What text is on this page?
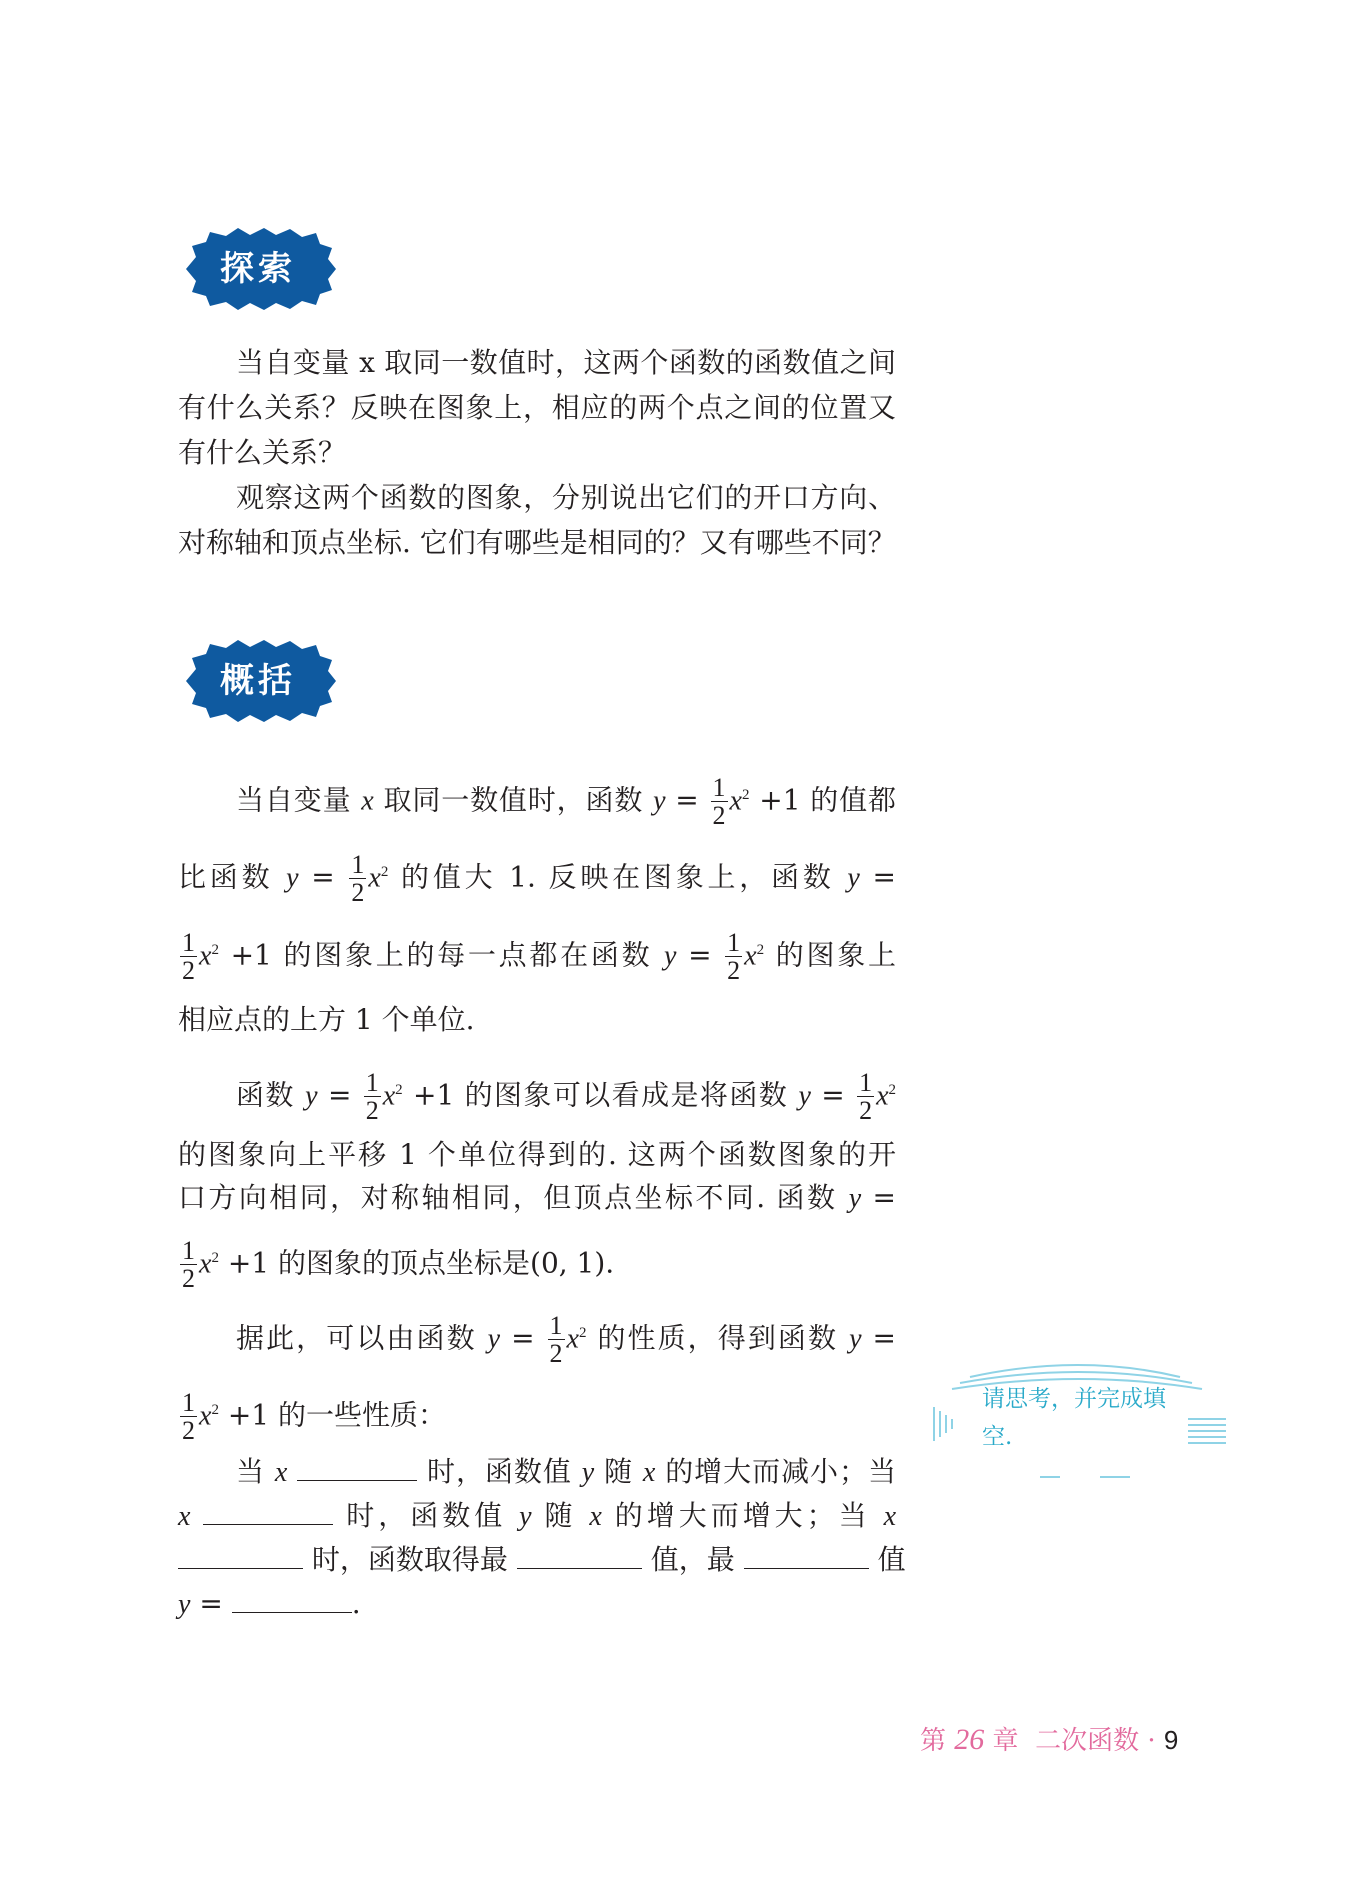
探索

当自变量 x 取同一数值时，这两个函数的函数值之间有什么关系？反映在图象上，相应的两个点之间的位置又有什么关系？

观察这两个函数的图象，分别说出它们的开口方向、对称轴和顶点坐标. 它们有哪些是相同的？又有哪些不同？

概括
当自变量 x 取同一数值时，函数 $y = \frac{1}{2} x^2 +1$ 的值都
比函数 $y = \frac{1}{2} x^2$ 的值大 1. 反映在图象上，函数 y =
$\frac{1}{2} x^2 +1$ 的图象上的每一点都在函数 $y = \frac{1}{2} x^2$ 的图象上
相应点的上方 1 个单位.
函数 $y = \frac{1}{2} x^2 +1$ 的图象可以看成是将函数 $y = \frac{1}{2} x^2$
的图象向上平移 1 个单位得到的. 这两个函数图象的开
口方向相同，对称轴相同，但顶点坐标不同. 函数 y =
$\frac{1}{2} x^2 +1$ 的图象的顶点坐标是(0, 1).
据此，可以由函数 $y = \frac{1}{2} x^2$ 的性质，得到函数 y =
$\frac{1}{2} x^2 +1$ 的一些性质：
当 x	时，函数值 y 随 x 的增大而减小；当
x	时，函数值 y 随 x 的增大而增大；当 x
时，函数取得最	值，最	值
y =	.
请思考，并完成填空.
第 26 章 二次函数 · 9
